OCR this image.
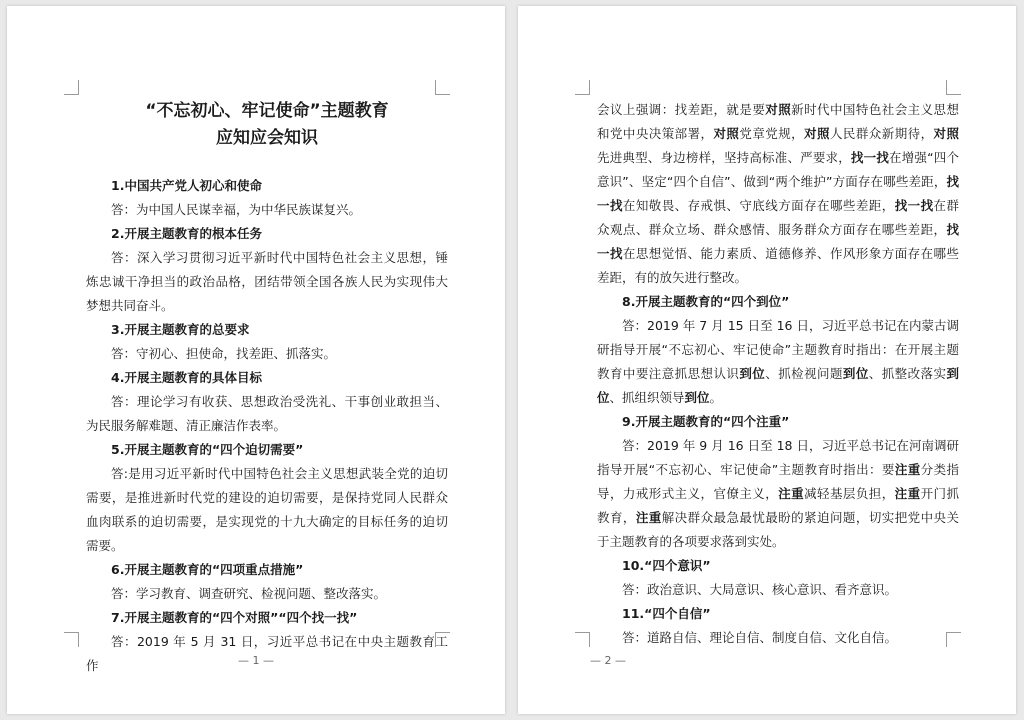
“不忘初心、牢记使命”主题教育
应知应会知识

1.中国共产党人初心和使命

答：为中国人民谋幸福，为中华民族谋复兴。

2.开展主题教育的根本任务

答：深入学习贯彻习近平新时代中国特色社会主义思想，锤炼忠诚干净担当的政治品格，团结带领全国各族人民为实现伟大梦想共同奋斗。

3.开展主题教育的总要求

答：守初心、担使命，找差距、抓落实。

4.开展主题教育的具体目标

答：理论学习有收获、思想政治受洗礼、干事创业敢担当、为民服务解难题、清正廉洁作表率。

5.开展主题教育的“四个迫切需要”

答:是用习近平新时代中国特色社会主义思想武装全党的迫切需要，是推进新时代党的建设的迫切需要，是保持党同人民群众血肉联系的迫切需要，是实现党的十九大确定的目标任务的迫切需要。

6.开展主题教育的“四项重点措施”

答：学习教育、调查研究、检视问题、整改落实。

7.开展主题教育的“四个对照”“四个找一找”

答：2019 年 5 月 31 日，习近平总书记在中央主题教育工作	— 1 —

会议上强调：找差距，就是要对照新时代中国特色社会主义思想和党中央决策部署，对照党章党规，对照人民群众新期待，对照先进典型、身边榜样，坚持高标准、严要求，找一找在增强“四个意识”、坚定“四个自信”、做到“两个维护”方面存在哪些差距，找一找在知敬畏、存戒惧、守底线方面存在哪些差距，找一找在群众观点、群众立场、群众感情、服务群众方面存在哪些差距，找一找在思想觉悟、能力素质、道德修养、作风形象方面存在哪些差距，有的放矢进行整改。

8.开展主题教育的“四个到位”

答：2019 年 7 月 15 日至 16 日，习近平总书记在内蒙古调研指导开展“不忘初心、牢记使命”主题教育时指出：在开展主题教育中要注意抓思想认识到位、抓检视问题到位、抓整改落实到位、抓组织领导到位。

9.开展主题教育的“四个注重”

答：2019 年 9 月 16 日至 18 日，习近平总书记在河南调研指导开展“不忘初心、牢记使命”主题教育时指出：要注重分类指导，力戒形式主义，官僚主义，注重减轻基层负担，注重开门抓教育，注重解决群众最急最忧最盼的紧迫问题，切实把党中央关于主题教育的各项要求落到实处。

10.“四个意识”

答：政治意识、大局意识、核心意识、看齐意识。

11.“四个自信”

答：道路自信、理论自信、制度自信、文化自信。

— 2 —
